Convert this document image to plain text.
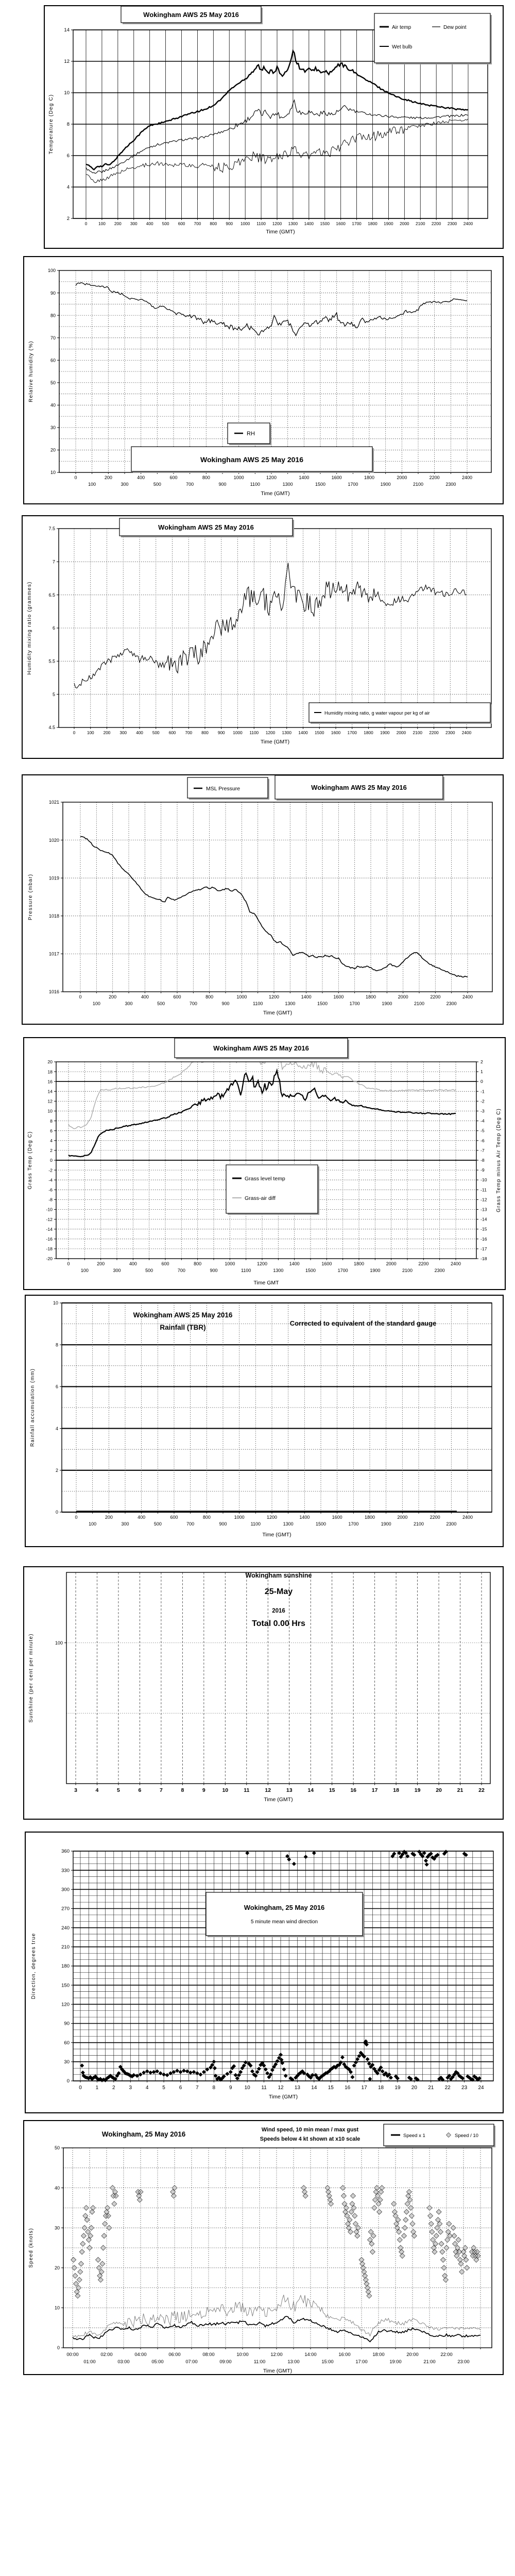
2
4
6
8
10
12
14
0	100 200 300 400 500 600 700 800 900 1000 1100 1200 1300 1400 1500 1600 1700 1800 1900 2000 2100 2200 2300 2400
Time (GMT)
Temperature (Deg C)
Wokingham AWS 25 May 2016
Air temp	Dew point
Wet bulb
10
20
30
40
50
60
70
80
90
100
0
100
200
300
400
500
600
700
800
900
1000
1100
1200
1300
1400
1500
1600
1700
1800
1900
2000
2100
2200
2300
2400
Time (GMT)
Relative humidity (%)
Wokingham AWS 25 May 2016
RH
4.5
5
5.5
6
6.5
7
7.5
0	100 200 300 400 500 600 700 800 900 1000 1100 1200 1300 1400 1500 1600 1700 1800 1900 2000 2100 2200 2300 2400
Time (GMT)
Humidity mixing ratio (grammes)
Wokingham AWS 25 May 2016
Humidity mixing ratio, g water vapour per kg of air
1016
1017
1018
1019
1020
1021
0
100
200
300
400
500
600
700
800
900
1000
1100
1200
1300
1400
1500
1600
1700
1800
1900
2000
2100
2200
2300
2400
Time (GMT)
Pressure (mbar)
Wokingham AWS 25 May 2016
MSL Pressure
-20
-18
-16
-14
-12
-10
-8
-6
-4
-2
0
2
4
6
8
10
12
14
16
18
20
-18
-17
-16
-15
-14
-13
-12
-11
-10
-9
-8
-7
-6
-5
-4
-3
-2
-1
0
1
2
Grass Temp minus Air Temp (Deg C)
0
100
200
300
400
500
600
700
800
900
1000
1100
1200
1300
1400
1500
1600
1700
1800
1900
2000
2100
2200
2300
2400
Time GMT
Grass Temp (Deg C)
Wokingham AWS 25 May 2016
Grass level temp
Grass-air diff
0
2
4
6
8
10
0
100
200
300
400
500
600
700
800
900
1000
1100
1200
1300
1400
1500
1600
1700
1800
1900
2000
2100
2200
2300
2400
Time (GMT)
Rainfall accumulation (mm)
Wokingham AWS 25 May 2016
Rainfall (TBR)
Corrected to equivalent of the standard gauge
100
3	4	5	6	7	8	9	10	11	12	13	14	15	16	17	18	19	20	21	22
Time (GMT)
Sunshine (per cent per minute)
Wokingham sunshine
25-May
2016
Total 0.00 Hrs
0
30
60
90
120
150
180
210
240
270
300
330
360
0	1	2	3	4	5	6	7	8	9 10 11 12 13 14 15 16 17 18 19 20 21 22 23 24
Time (GMT)
Direction, degrees true
Wokingham, 25 May 2016
5 minute mean wind direction
0
10
20
30
40
50
00:00
01:00
02:00
03:00
04:00
05:00
06:00
07:00
08:00
09:00
10:00
11:00
12:00
13:00
14:00
15:00
16:00
17:00
18:00
19:00
20:00
21:00
22:00
23:00
Time (GMT)
Speed (knots)
Speed x 1	Speed / 10
Wokingham, 25 May 2016
Wind speed, 10 min mean / max gust
Speeds below 4 kt shown at x10 scale
